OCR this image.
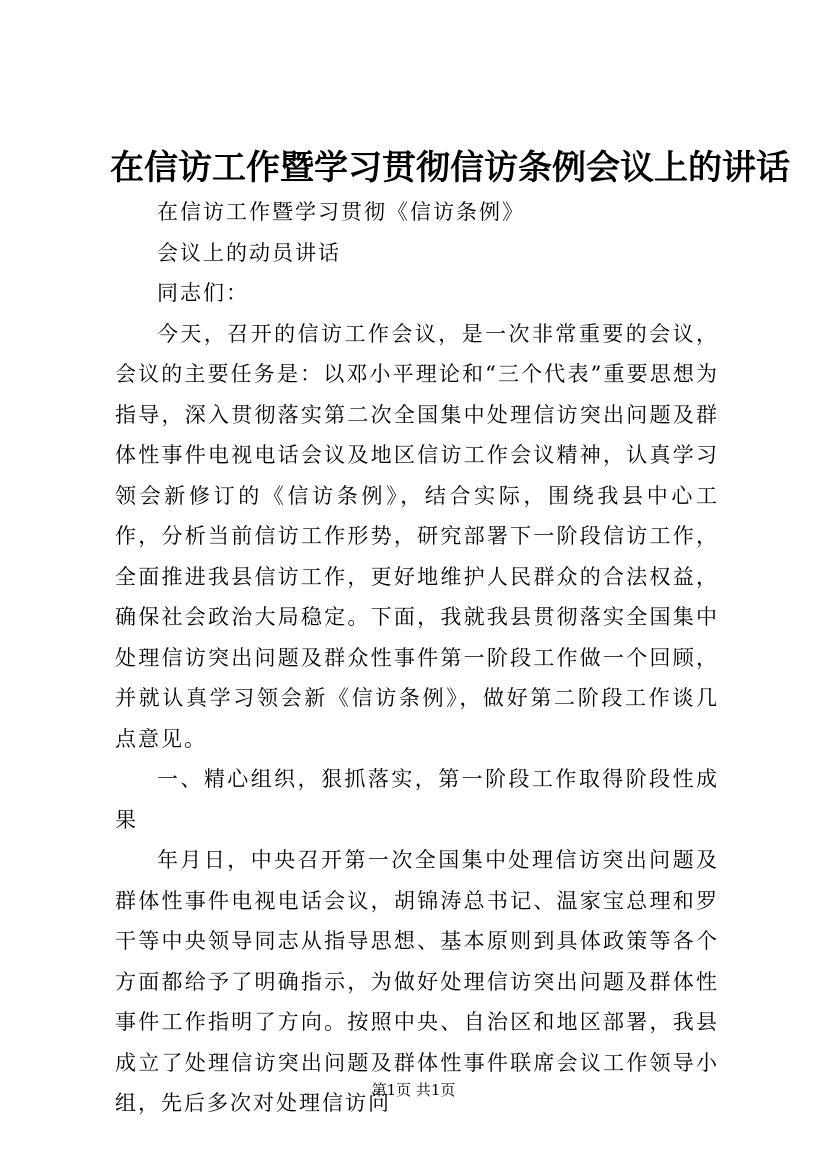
在信访工作暨学习贯彻信访条例会议上的讲话

在信访工作暨学习贯彻《信访条例》

会议上的动员讲话

同志们：

今天，召开的信访工作会议，是一次非常重要的会议，会议的主要任务是：以邓小平理论和“三个代表”重要思想为指导，深入贯彻落实第二次全国集中处理信访突出问题及群体性事件电视电话会议及地区信访工作会议精神，认真学习领会新修订的《信访条例》，结合实际，围绕我县中心工作，分析当前信访工作形势，研究部署下一阶段信访工作，全面推进我县信访工作，更好地维护人民群众的合法权益，确保社会政治大局稳定。下面，我就我县贯彻落实全国集中处理信访突出问题及群众性事件第一阶段工作做一个回顾，并就认真学习领会新《信访条例》，做好第二阶段工作谈几点意见。

一、精心组织，狠抓落实，第一阶段工作取得阶段性成果

年月日，中央召开第一次全国集中处理信访突出问题及群体性事件电视电话会议，胡锦涛总书记、温家宝总理和罗干等中央领导同志从指导思想、基本原则到具体政策等各个方面都给予了明确指示，为做好处理信访突出问题及群体性事件工作指明了方向。按照中央、自治区和地区部署，我县成立了处理信访突出问题及群体性事件联席会议工作领导小组，先后多次对处理信访问

第1页 共1页
